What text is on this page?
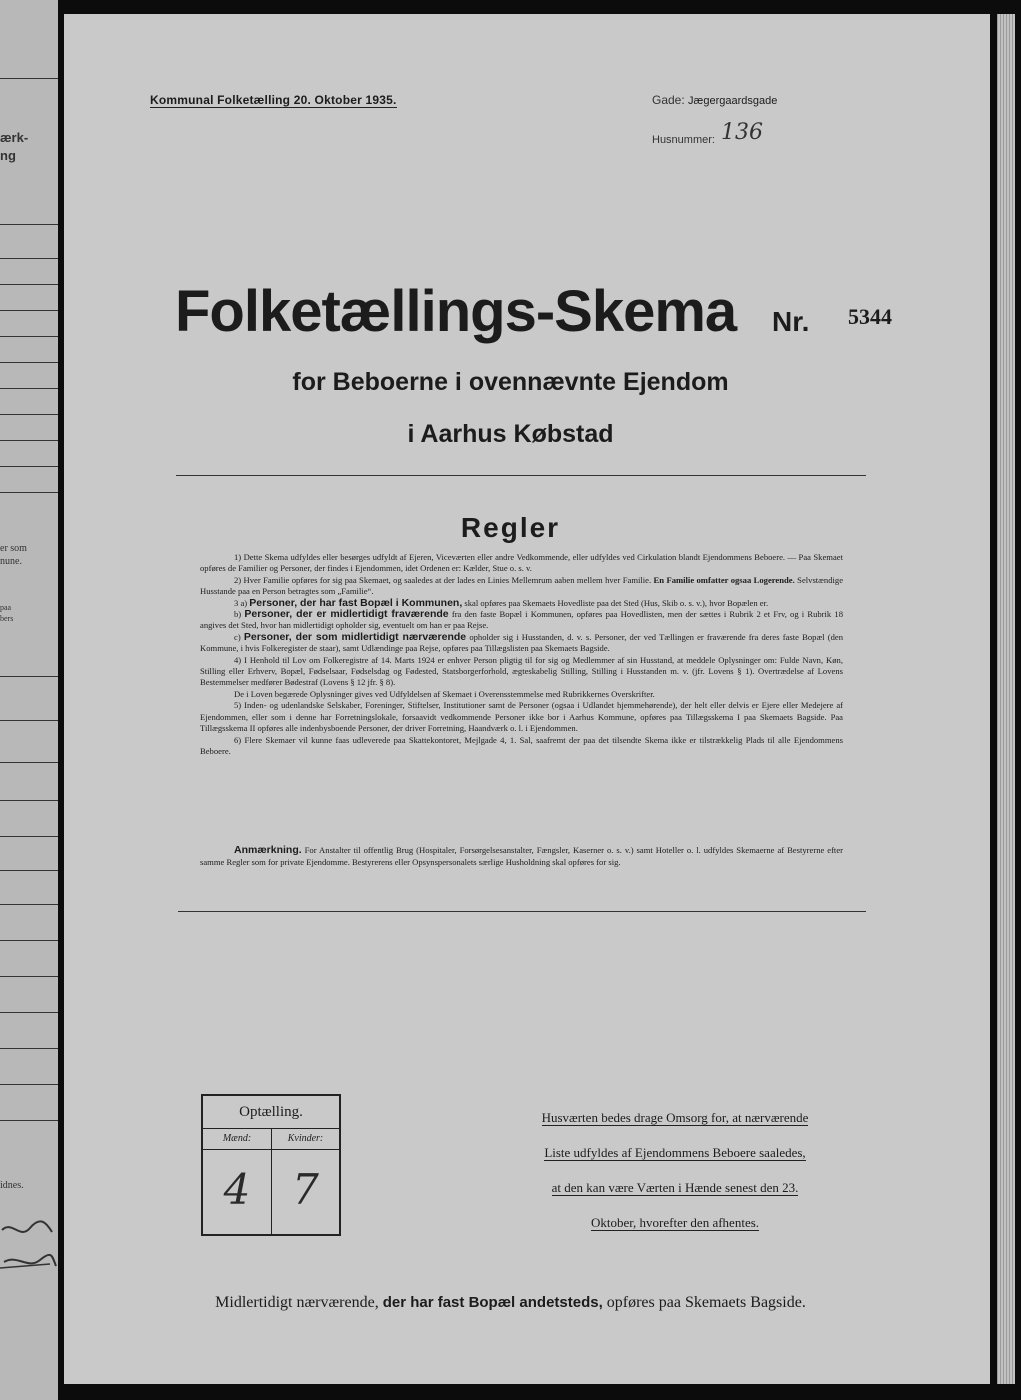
ærk-
ng
er som
nune.
paa
bers
idnes.
Kommunal Folketælling 20. Oktober 1935.	Gade: Jægergaardsgade
Husnummer: 136
Folketællings-Skema Nr. 5344
for Beboerne i ovennævnte Ejendom
i Aarhus Købstad
Regler

1) Dette Skema udfyldes eller besørges udfyldt af Ejeren, Viceværten eller andre Vedkommende, eller udfyldes ved Cirkulation blandt Ejendommens Beboere. — Paa Skemaet opføres de Familier og Personer, der findes i Ejendommen, idet Ordenen er: Kælder, Stue o. s. v.

2) Hver Familie opføres for sig paa Skemaet, og saaledes at der lades en Linies Mellemrum aaben mellem hver Familie. En Familie omfatter ogsaa Logerende. Selvstændige Husstande paa en Person betragtes som „Familie“.

3 a) Personer, der har fast Bopæl i Kommunen, skal opføres paa Skemaets Hovedliste paa det Sted (Hus, Skib o. s. v.), hvor Bopælen er.

b) Personer, der er midlertidigt fraværende fra den faste Bopæl i Kommunen, opføres paa Hovedlisten, men der sættes i Rubrik 2 et Frv, og i Rubrik 18 angives det Sted, hvor han midlertidigt opholder sig, eventuelt om han er paa Rejse.

c) Personer, der som midlertidigt nærværende opholder sig i Husstanden, d. v. s. Personer, der ved Tællingen er fraværende fra deres faste Bopæl (den Kommune, i hvis Folkeregister de staar), samt Udlændinge paa Rejse, opføres paa Tillægslisten paa Skemaets Bagside.

4) I Henhold til Lov om Folkeregistre af 14. Marts 1924 er enhver Person pligtig til for sig og Medlemmer af sin Husstand, at meddele Oplysninger om: Fulde Navn, Køn, Stilling eller Erhverv, Bopæl, Fødselsaar, Fødselsdag og Fødested, Statsborgerforhold, ægteskabelig Stilling, Stilling i Husstanden m. v. (jfr. Lovens § 1). Overtrædelse af Lovens Bestemmelser medfører Bødestraf (Lovens § 12 jfr. § 8).

De i Loven begærede Oplysninger gives ved Udfyldelsen af Skemaet i Overensstemmelse med Rubrikkernes Overskrifter.

5) Inden- og udenlandske Selskaber, Foreninger, Stiftelser, Institutioner samt de Personer (ogsaa i Udlandet hjemmehørende), der helt eller delvis er Ejere eller Medejere af Ejendommen, eller som i denne har Forretningslokale, forsaavidt vedkommende Personer ikke bor i Aarhus Kommune, opføres paa Tillægsskema I paa Skemaets Bagside. Paa Tillægsskema II opføres alle indenbysboende Personer, der driver Forretning, Haandværk o. l. i Ejendommen.

6) Flere Skemaer vil kunne faas udleverede paa Skattekontoret, Mejlgade 4, 1. Sal, saafremt der paa det tilsendte Skema ikke er tilstrækkelig Plads til alle Ejendommens Beboere.

Anmærkning. For Anstalter til offentlig Brug (Hospitaler, Forsørgelsesanstalter, Fængsler, Kaserner o. s. v.) samt Hoteller o. l. udfyldes Skemaerne af Bestyrerne efter samme Regler som for private Ejendomme. Bestyrerens eller Opsynspersonalets særlige Husholdning skal opføres for sig.

Optælling.
Mænd:
4
Kvinder:
7
Husværten bedes drage Omsorg for, at nærværende
Liste udfyldes af Ejendommens Beboere saaledes,
at den kan være Værten i Hænde senest den 23.
Oktober, hvorefter den afhentes.
Midlertidigt nærværende, der har fast Bopæl andetsteds, opføres paa Skemaets Bagside.
